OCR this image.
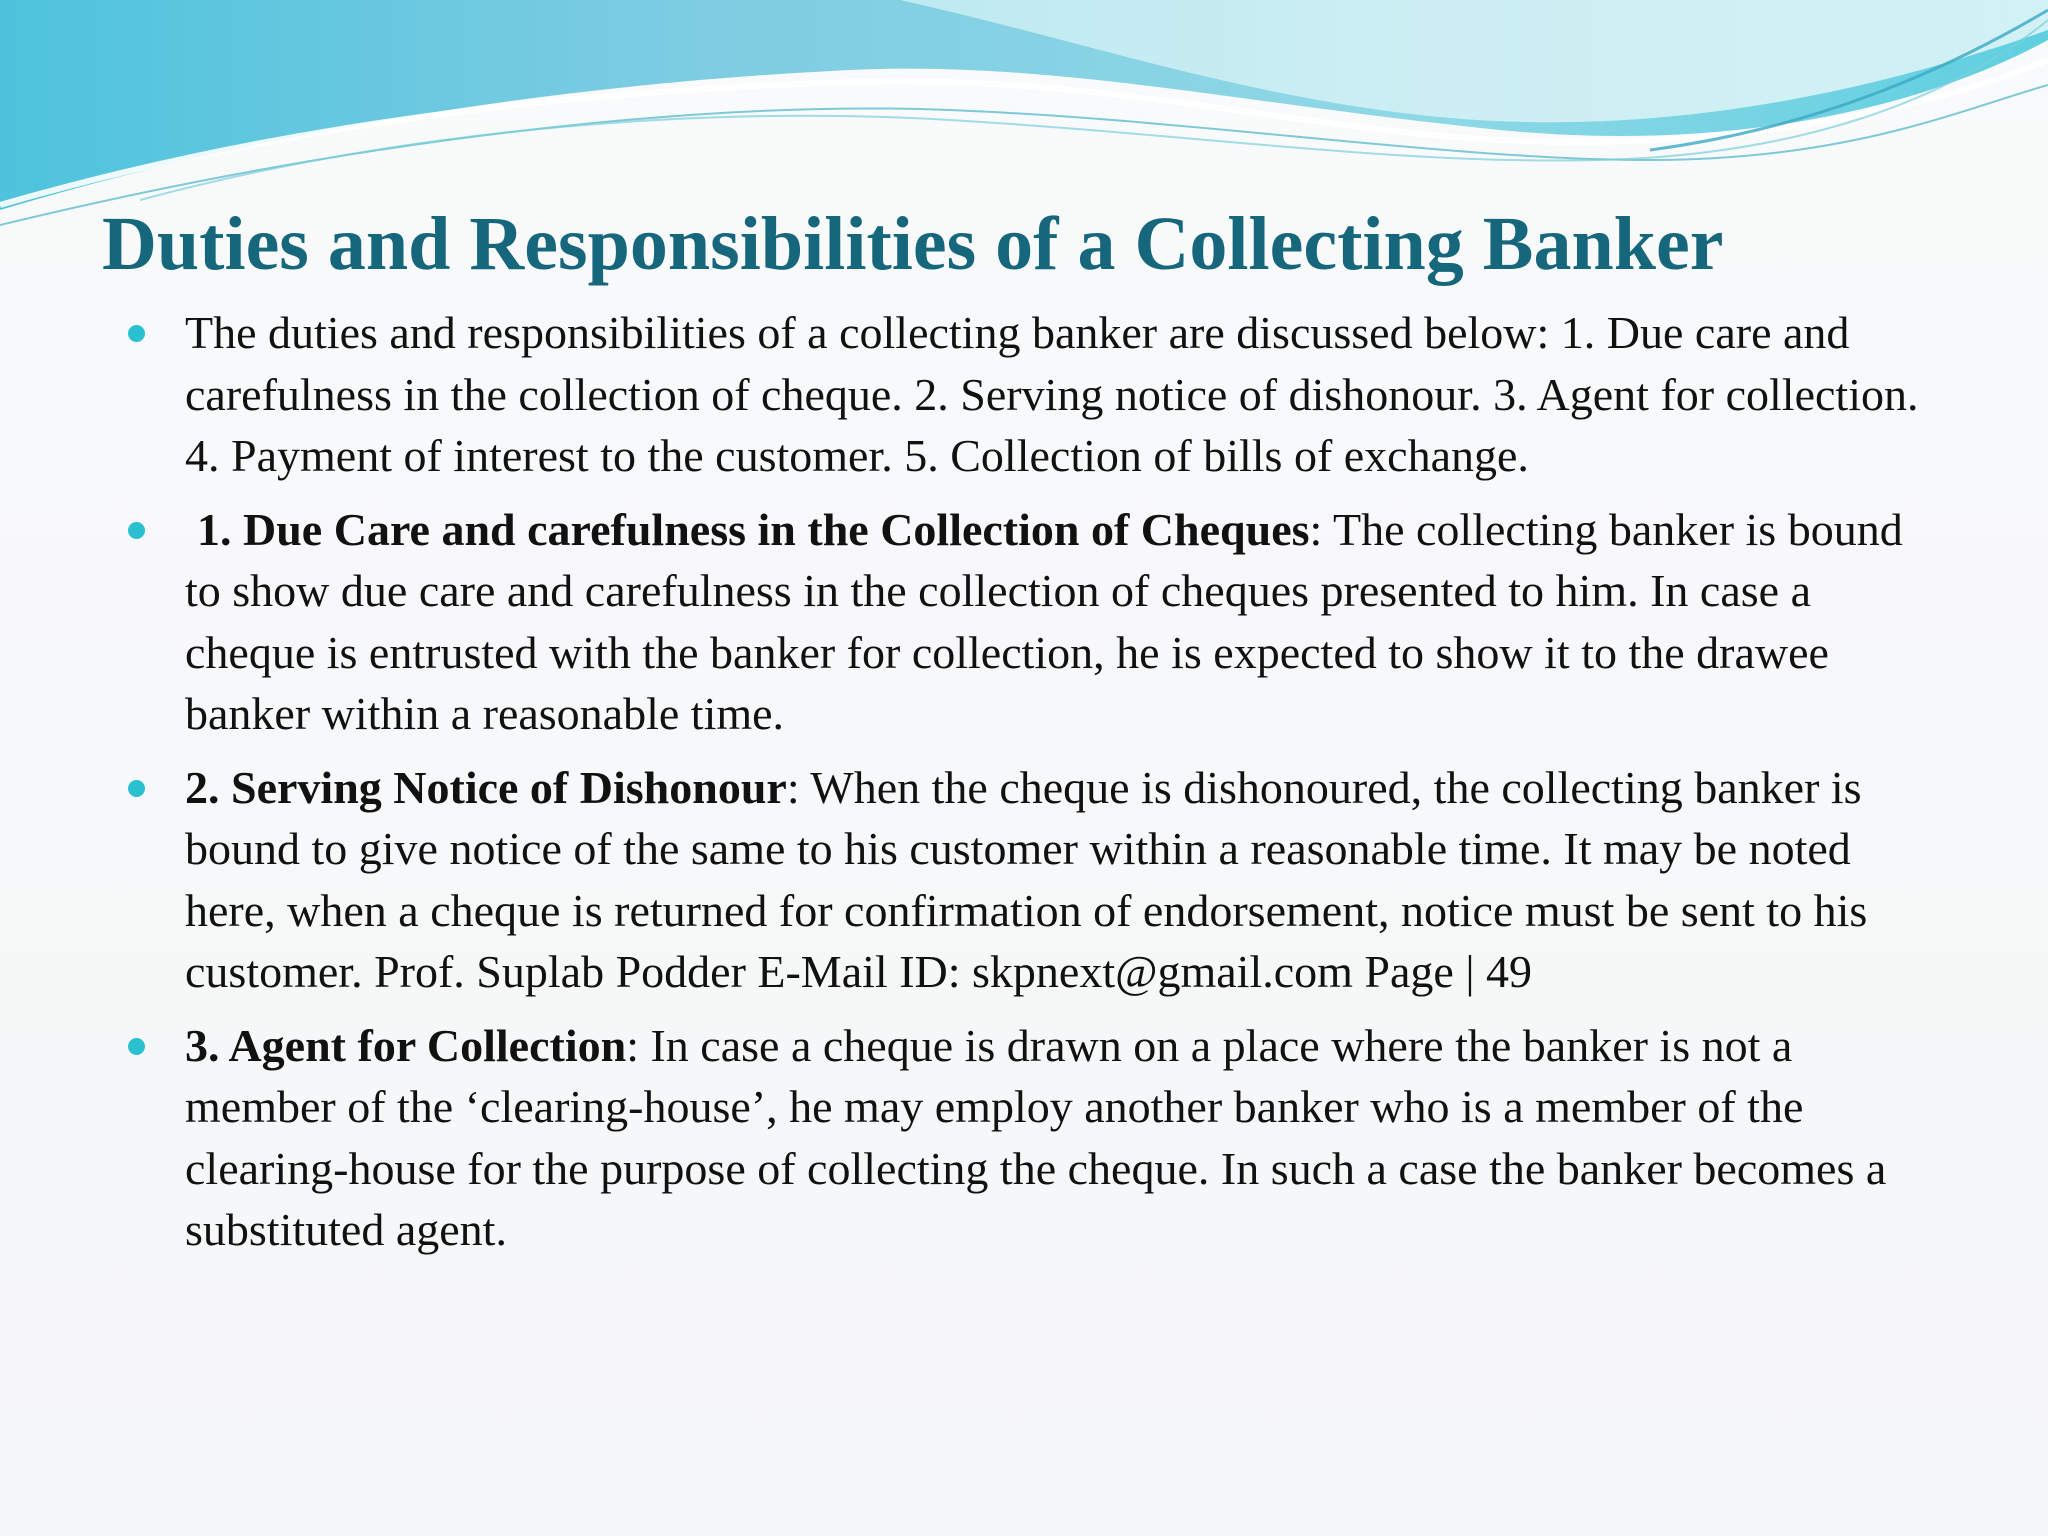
Duties and Responsibilities of a Collecting Banker
The duties and responsibilities of a collecting banker are discussed below: 1. Due care and carefulness in the collection of cheque. 2. Serving notice of dishonour. 3. Agent for collection. 4. Payment of interest to the customer. 5. Collection of bills of exchange.
1. Due Care and carefulness in the Collection of Cheques: The collecting banker is bound to show due care and carefulness in the collection of cheques presented to him. In case a cheque is entrusted with the banker for collection, he is expected to show it to the drawee banker within a reasonable time.
2. Serving Notice of Dishonour: When the cheque is dishonoured, the collecting banker is bound to give notice of the same to his customer within a reasonable time. It may be noted here, when a cheque is returned for confirmation of endorsement, notice must be sent to his customer. Prof. Suplab Podder E-Mail ID: skpnext@gmail.com Page | 49
3. Agent for Collection: In case a cheque is drawn on a place where the banker is not a member of the ‘clearing-house’, he may employ another banker who is a member of the clearing-house for the purpose of collecting the cheque. In such a case the banker becomes a substituted agent.
